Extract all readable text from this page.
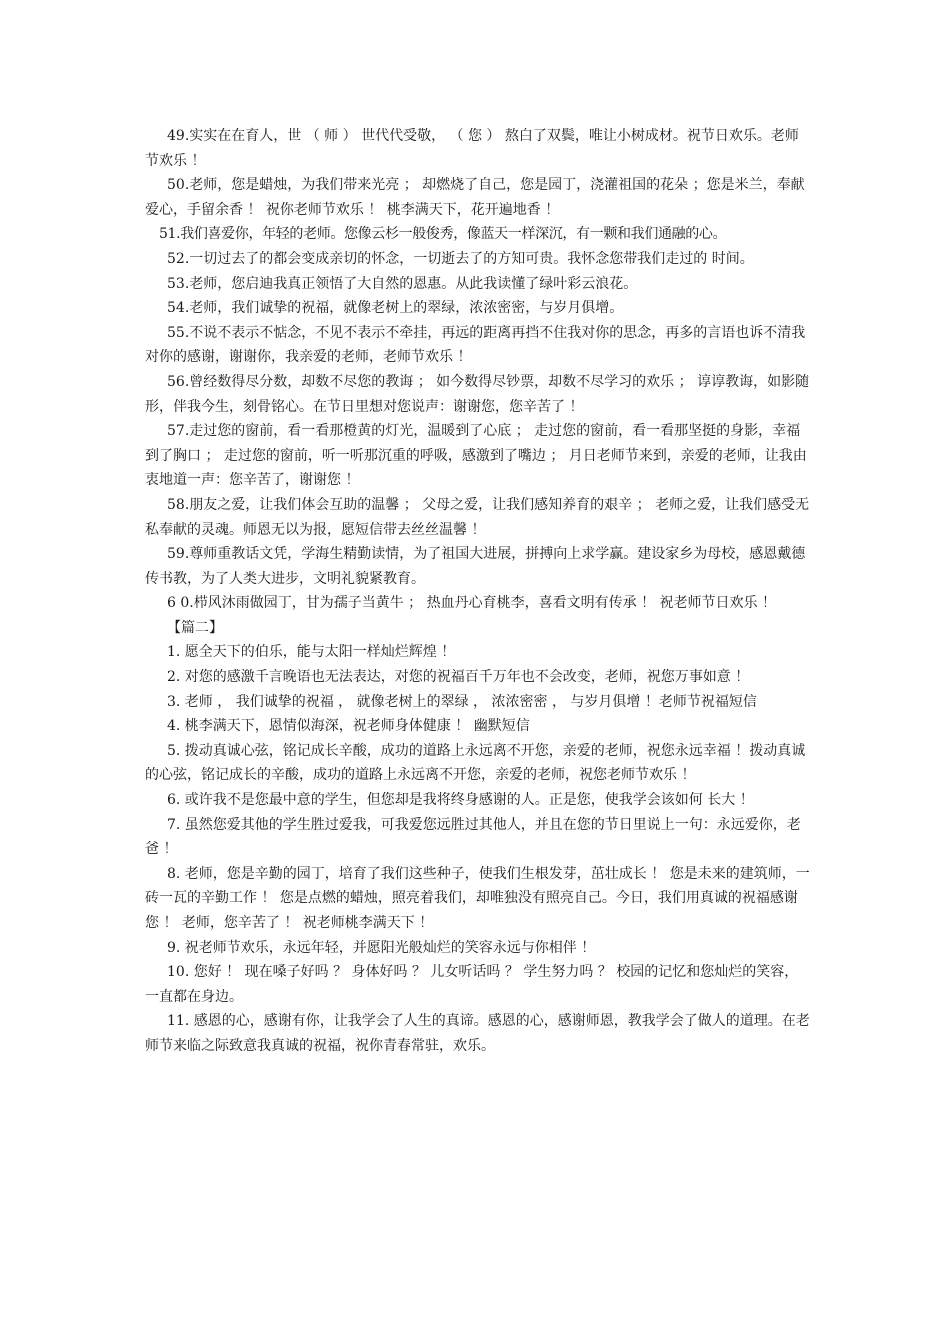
49.实实在在育人，世 （ 师 ） 世代代受敬， （ 您 ） 熬白了双鬓，唯让小树成材。祝节日欢乐。老师节欢乐 ！

50.老师，您是蜡烛，为我们带来光亮 ； 却燃烧了自己，您是园丁，浇灌祖国的花朵 ；您是米兰，奉献爱心，手留余香 ！ 祝你老师节欢乐 ！ 桃李满天下，花开遍地香 ！

51.我们喜爱你，年轻的老师。您像云杉一般俊秀，像蓝天一样深沉，有一颗和我们通融的心。

52.一切过去了的都会变成亲切的怀念，一切逝去了的方知可贵。我怀念您带我们走过的 时间。

53.老师，您启迪我真正领悟了大自然的恩惠。从此我读懂了绿叶彩云浪花。

54.老师，我们诚挚的祝福，就像老树上的翠绿，浓浓密密，与岁月俱增。

55.不说不表示不惦念，不见不表示不牵挂，再远的距离再挡不住我对你的思念，再多的言语也诉不清我对你的感谢，谢谢你，我亲爱的老师，老师节欢乐 ！

56.曾经数得尽分数，却数不尽您的教诲 ； 如今数得尽钞票，却数不尽学习的欢乐 ； 谆谆教诲，如影随形，伴我今生，刻骨铭心。在节日里想对您说声：谢谢您，您辛苦了 ！

57.走过您的窗前，看一看那橙黄的灯光，温暖到了心底 ； 走过您的窗前，看一看那坚挺的身影，幸福到了胸口 ； 走过您的窗前，听一听那沉重的呼吸，感激到了嘴边 ； 月日老师节来到，亲爱的老师，让我由衷地道一声：您辛苦了，谢谢您 ！

58.朋友之爱，让我们体会互助的温馨 ； 父母之爱，让我们感知养育的艰辛 ； 老师之爱，让我们感受无私奉献的灵魂。师恩无以为报，愿短信带去丝丝温馨 ！

59.尊师重教话文凭，学海生精勤读情，为了祖国大进展，拼搏向上求学赢。建设家乡为母校，感恩戴德传书教，为了人类大进步，文明礼貌紧教育。

6 0.栉风沐雨做园丁，甘为孺子当黄牛 ； 热血丹心育桃李，喜看文明有传承 ！ 祝老师节日欢乐 ！

【篇二】

1. 愿全天下的伯乐，能与太阳一样灿烂辉煌 ！

2. 对您的感激千言晚语也无法表达，对您的祝福百千万年也不会改变，老师，祝您万事如意 ！

3. 老师 ， 我们诚挚的祝福 ， 就像老树上的翠绿 ， 浓浓密密 ， 与岁月俱增 ！老师节祝福短信

4. 桃李满天下，恩情似海深，祝老师身体健康 ！ 幽默短信

5. 拨动真诚心弦，铭记成长辛酸，成功的道路上永远离不开您，亲爱的老师，祝您永远幸福 ！拨动真诚的心弦，铭记成长的辛酸，成功的道路上永远离不开您，亲爱的老师，祝您老师节欢乐 ！

6. 或许我不是您最中意的学生，但您却是我将终身感谢的人。正是您，使我学会该如何 长大 ！

7. 虽然您爱其他的学生胜过爱我，可我爱您远胜过其他人，并且在您的节日里说上一句：永远爱你，老爸 ！

8. 老师，您是辛勤的园丁，培育了我们这些种子，使我们生根发芽，茁壮成长 ！ 您是未来的建筑师，一砖一瓦的辛勤工作 ！ 您是点燃的蜡烛，照亮着我们，却唯独没有照亮自己。今日，我们用真诚的祝福感谢您 ！ 老师，您辛苦了 ！ 祝老师桃李满天下 ！

9. 祝老师节欢乐，永远年轻，并愿阳光般灿烂的笑容永远与你相伴 ！

10. 您好 ！ 现在嗓子好吗 ？ 身体好吗 ？ 儿女听话吗 ？ 学生努力吗 ？ 校园的记忆和您灿烂的笑容，一直都在身边。

11. 感恩的心，感谢有你，让我学会了人生的真谛。感恩的心，感谢师恩，教我学会了做人的道理。在老师节来临之际致意我真诚的祝福，祝你青春常驻，欢乐。
